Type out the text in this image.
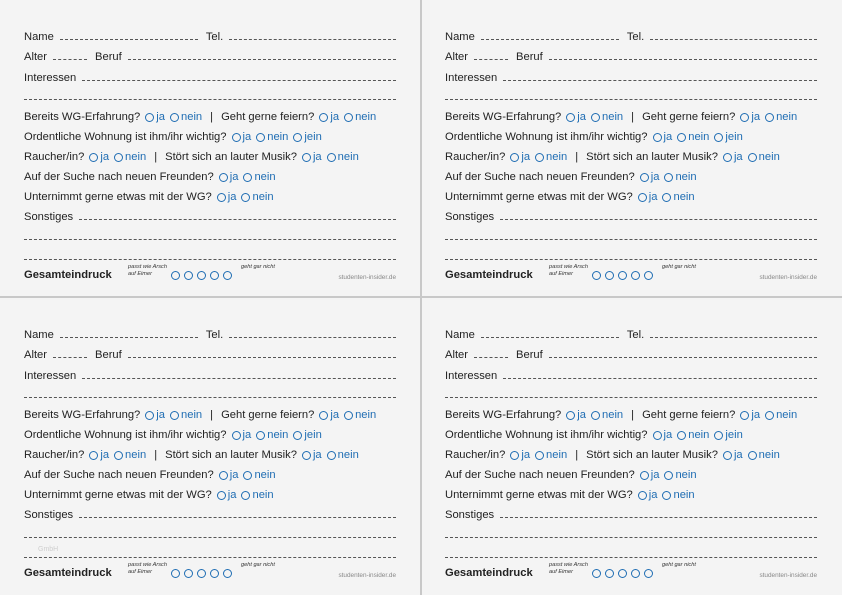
Name	Tel.
Alter	Beruf
Interessen
Bereits WG-Erfahrung? ja nein | Geht gerne feiern? ja nein
Ordentliche Wohnung ist ihm/ihr wichtig? ja nein jein
Raucher/in? ja nein | Stört sich an lauter Musik? ja nein
Auf der Suche nach neuen Freunden? ja nein
Unternimmt gerne etwas mit der WG? ja nein
Sonstiges
Gesamteindruck
passt wie Arsch
auf Eimer
geht gar nicht
studenten-insider.de
Name	Tel.
Alter	Beruf
Interessen
Bereits WG-Erfahrung? ja nein | Geht gerne feiern? ja nein
Ordentliche Wohnung ist ihm/ihr wichtig? ja nein jein
Raucher/in? ja nein | Stört sich an lauter Musik? ja nein
Auf der Suche nach neuen Freunden? ja nein
Unternimmt gerne etwas mit der WG? ja nein
Sonstiges
Gesamteindruck
passt wie Arsch
auf Eimer
geht gar nicht
studenten-insider.de
Name	Tel.
Alter	Beruf
Interessen
Bereits WG-Erfahrung? ja nein | Geht gerne feiern? ja nein
Ordentliche Wohnung ist ihm/ihr wichtig? ja nein jein
Raucher/in? ja nein | Stört sich an lauter Musik? ja nein
Auf der Suche nach neuen Freunden? ja nein
Unternimmt gerne etwas mit der WG? ja nein
Sonstiges
Gesamteindruck
passt wie Arsch
auf Eimer
geht gar nicht
studenten-insider.de
Name	Tel.
Alter	Beruf
Interessen
Bereits WG-Erfahrung? ja nein | Geht gerne feiern? ja nein
Ordentliche Wohnung ist ihm/ihr wichtig? ja nein jein
Raucher/in? ja nein | Stört sich an lauter Musik? ja nein
Auf der Suche nach neuen Freunden? ja nein
Unternimmt gerne etwas mit der WG? ja nein
Sonstiges
Gesamteindruck
passt wie Arsch
auf Eimer
geht gar nicht
studenten-insider.de
GmbH
